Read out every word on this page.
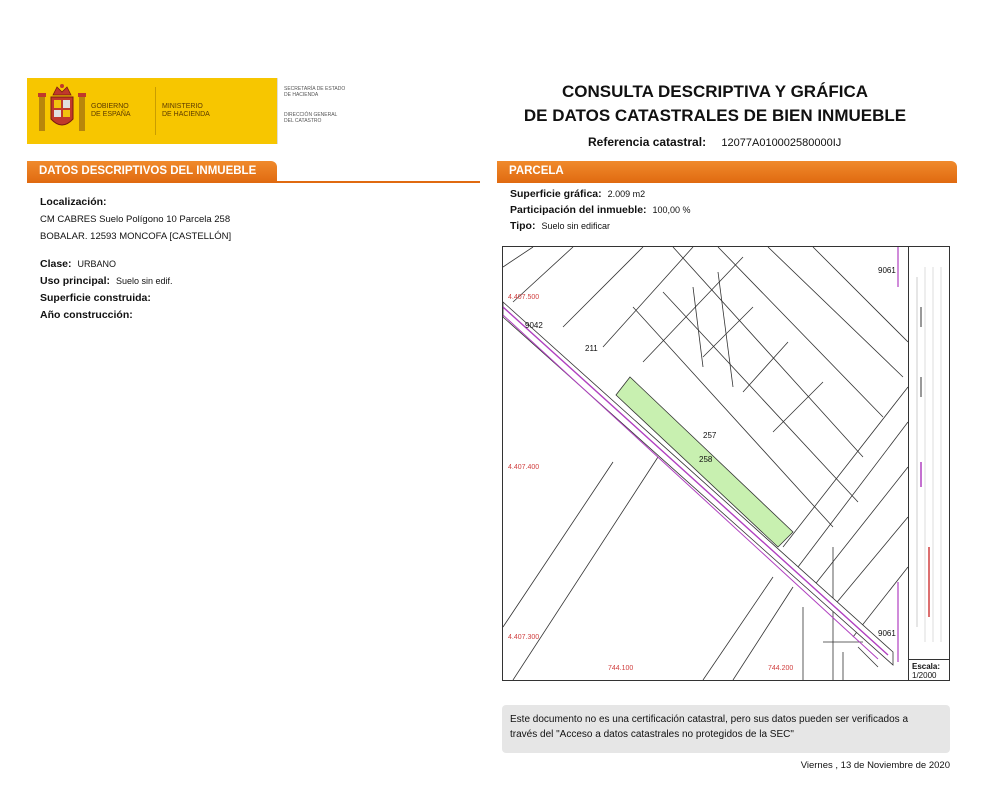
GOBIERNO
DE ESPAÑA
MINISTERIO
DE HACIENDA
SECRETARÍA DE ESTADO
DE HACIENDA
DIRECCIÓN GENERAL
DEL CATASTRO
CONSULTA DESCRIPTIVA Y GRÁFICA
DE DATOS CATASTRALES DE BIEN INMUEBLE
Referencia catastral: 12077A010002580000IJ
DATOS DESCRIPTIVOS DEL INMUEBLE	PARCELA
Localización:
CM CABRES Suelo Polígono 10 Parcela 258
BOBALAR. 12593 MONCOFA [CASTELLÓN]
Clase: URBANO
Uso principal: Suelo sin edif.
Superficie construida:
Año construcción:
Superficie gráfica: 2.009 m2
Participación del inmueble: 100,00 %
Tipo: Suelo sin edificar
4.407.500
4.407.400
4.407.300
744.100	744.200
9061
9042
211
257
258
9061
Escala:
1/2000
Este documento no es una certificación catastral, pero sus datos pueden ser verificados a
través del "Acceso a datos catastrales no protegidos de la SEC"
Viernes , 13 de Noviembre de 2020
